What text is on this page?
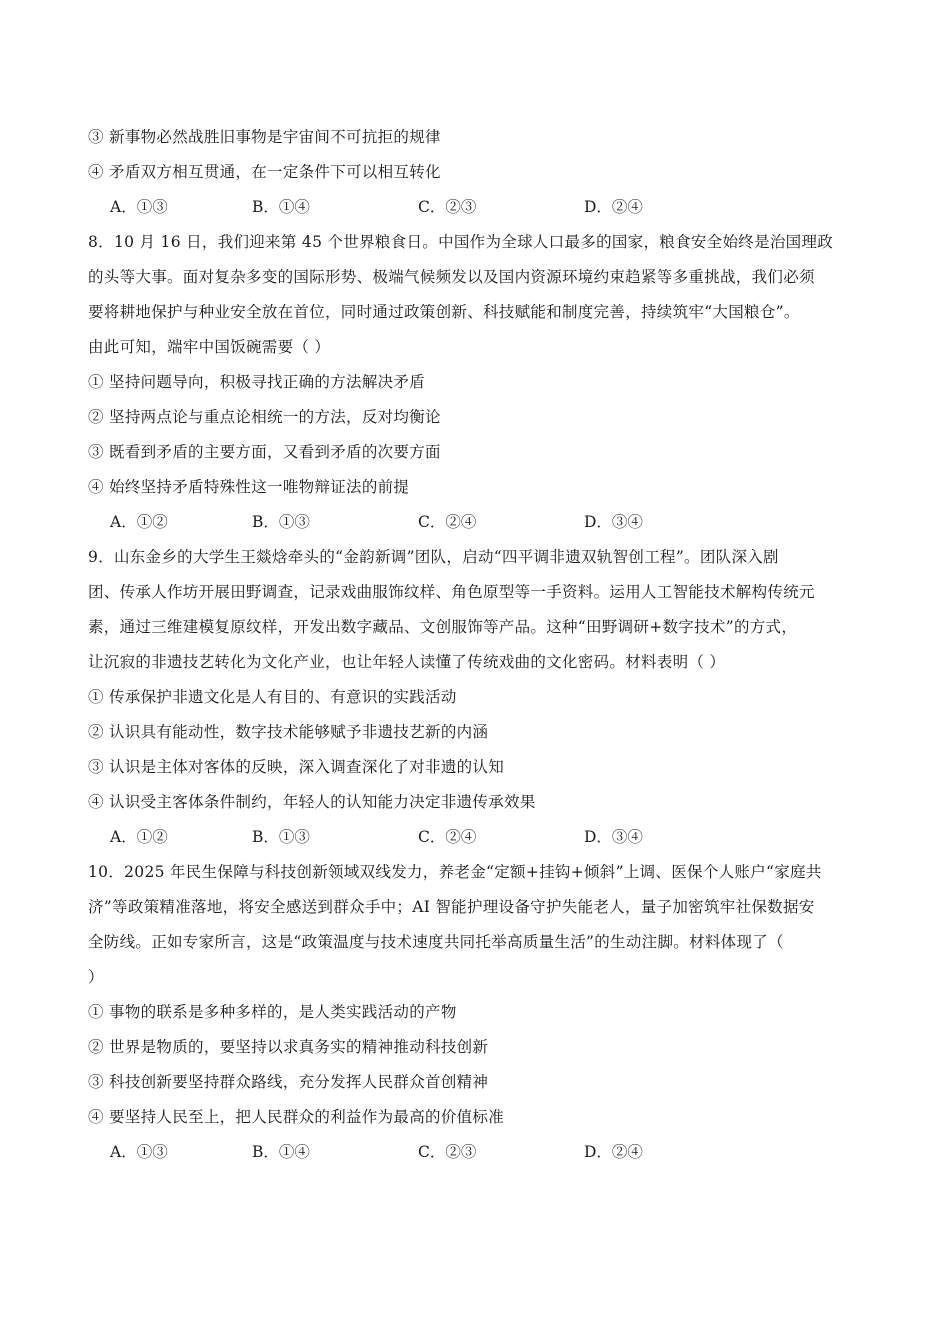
③ 新事物必然战胜旧事物是宇宙间不可抗拒的规律
④ 矛盾双方相互贯通，在一定条件下可以相互转化
A．①③	B．①④	C．②③	D．②④
8．10 月 16 日，我们迎来第 45 个世界粮食日。中国作为全球人口最多的国家，粮食安全始终是治国理政
的头等大事。面对复杂多变的国际形势、极端气候频发以及国内资源环境约束趋紧等多重挑战，我们必须
要将耕地保护与种业安全放在首位，同时通过政策创新、科技赋能和制度完善，持续筑牢“大国粮仓”。
由此可知，端牢中国饭碗需要（ ）
① 坚持问题导向，积极寻找正确的方法解决矛盾
② 坚持两点论与重点论相统一的方法，反对均衡论
③ 既看到矛盾的主要方面，又看到矛盾的次要方面
④ 始终坚持矛盾特殊性这一唯物辩证法的前提
A．①②	B．①③	C．②④	D．③④
9．山东金乡的大学生王燚焓牵头的“金韵新调”团队，启动“四平调非遗双轨智创工程”。团队深入剧
团、传承人作坊开展田野调查，记录戏曲服饰纹样、角色原型等一手资料。运用人工智能技术解构传统元
素，通过三维建模复原纹样，开发出数字藏品、文创服饰等产品。这种“田野调研+数字技术”的方式，
让沉寂的非遗技艺转化为文化产业，也让年轻人读懂了传统戏曲的文化密码。材料表明（ ）
① 传承保护非遗文化是人有目的、有意识的实践活动
② 认识具有能动性，数字技术能够赋予非遗技艺新的内涵
③ 认识是主体对客体的反映，深入调查深化了对非遗的认知
④ 认识受主客体条件制约，年轻人的认知能力决定非遗传承效果
A．①②	B．①③	C．②④	D．③④
10．2025 年民生保障与科技创新领域双线发力，养老金“定额+挂钩+倾斜”上调、医保个人账户“家庭共
济”等政策精准落地，将安全感送到群众手中；AI 智能护理设备守护失能老人，量子加密筑牢社保数据安
全防线。正如专家所言，这是“政策温度与技术速度共同托举高质量生活”的生动注脚。材料体现了（
）
① 事物的联系是多种多样的，是人类实践活动的产物
② 世界是物质的，要坚持以求真务实的精神推动科技创新
③ 科技创新要坚持群众路线，充分发挥人民群众首创精神
④ 要坚持人民至上，把人民群众的利益作为最高的价值标准
A．①③	B．①④	C．②③	D．②④
